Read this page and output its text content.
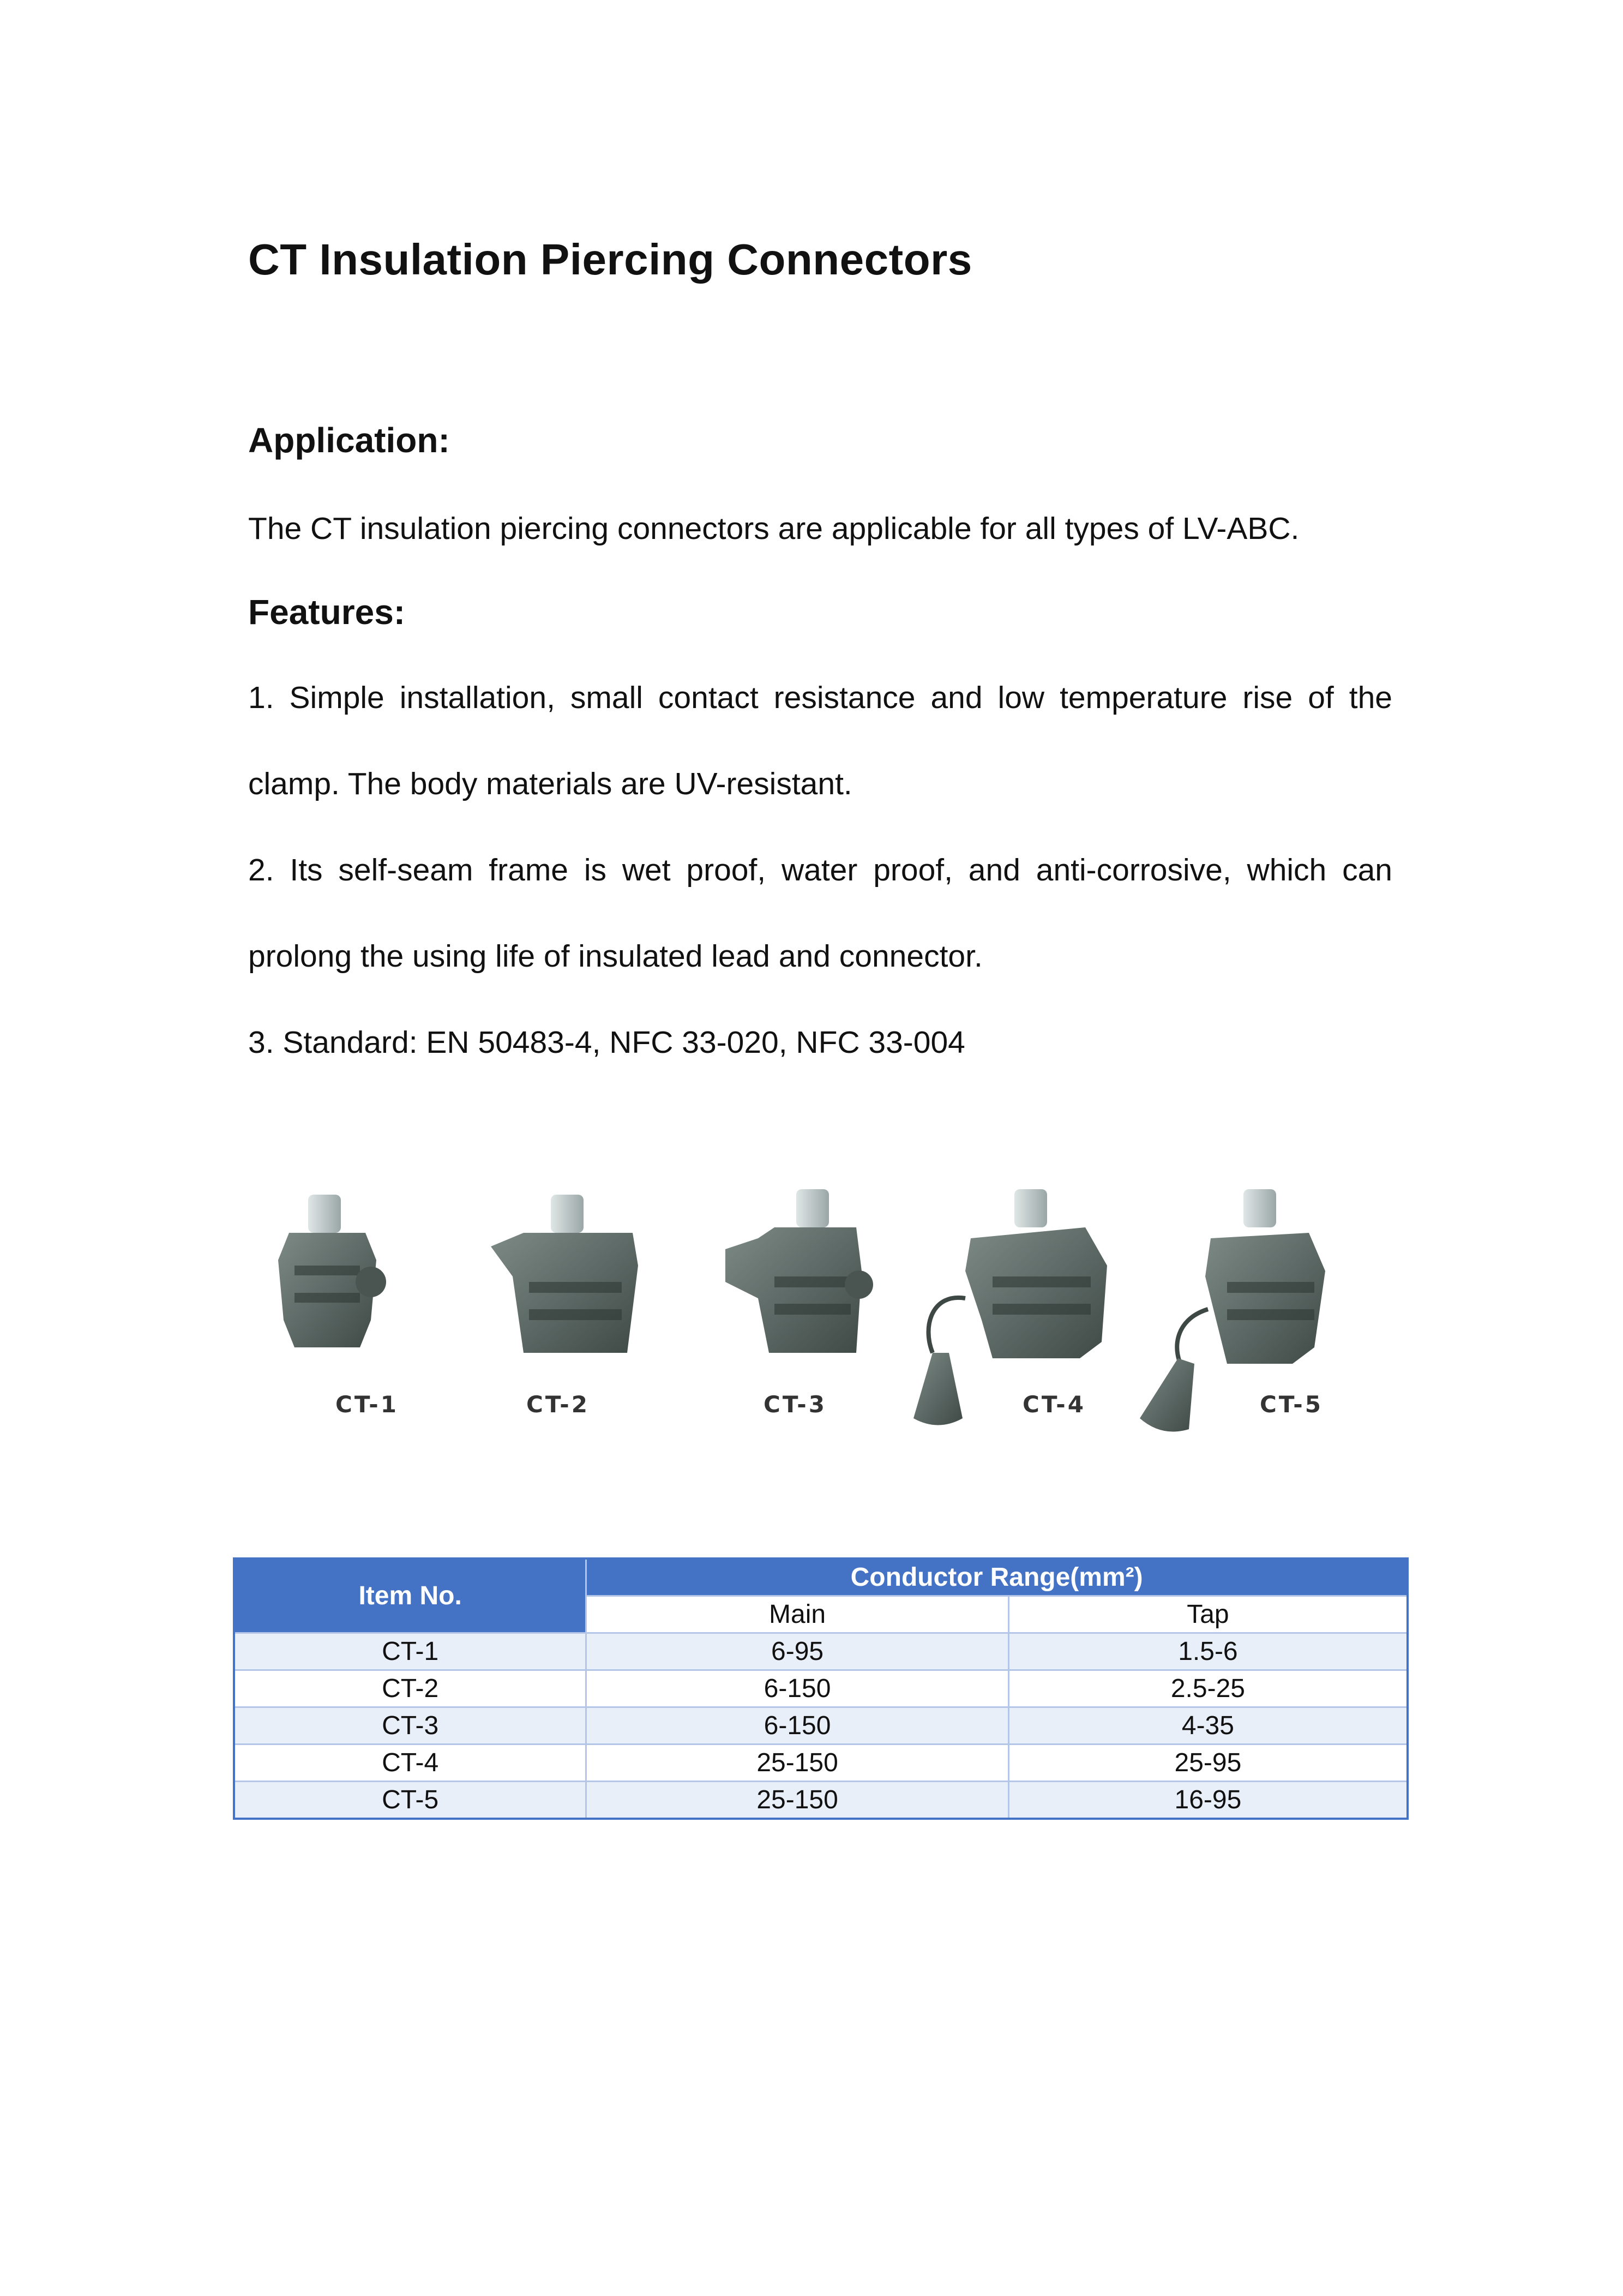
CT Insulation Piercing Connectors
Application:

The CT insulation piercing connectors are applicable for all types of LV-ABC.

Features:

1. Simple installation, small contact resistance and low temperature rise of the clamp. The body materials are UV-resistant.

2. Its self-seam frame is wet proof, water proof, and anti-corrosive, which can prolong the using life of insulated lead and connector.

3. Standard: EN 50483-4, NFC 33-020, NFC 33-004

CT-1	CT-2	CT-3	CT-4	CT-5
Item No.	Conductor Range(mm²)	
	Main	Tap
CT-1	6-95	1.5-6
CT-2	6-150	2.5-25
CT-3	6-150	4-35
CT-4	25-150	25-95
CT-5	25-150	16-95
